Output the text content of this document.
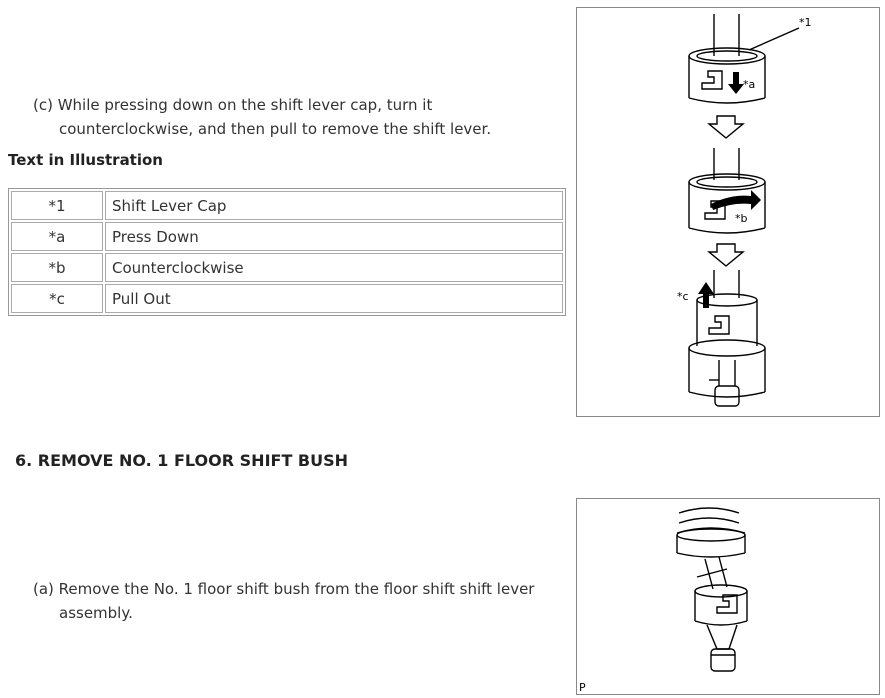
(c) While pressing down on the shift lever cap, turn it
counterclockwise, and then pull to remove the shift lever.
Text in Illustration
*1	Shift Lever Cap
*a	Press Down
*b	Counterclockwise
*c	Pull Out
*1
*a
*b
*c
6. REMOVE NO. 1 FLOOR SHIFT BUSH
(a) Remove the No. 1 floor shift bush from the floor shift shift lever
assembly.
P
